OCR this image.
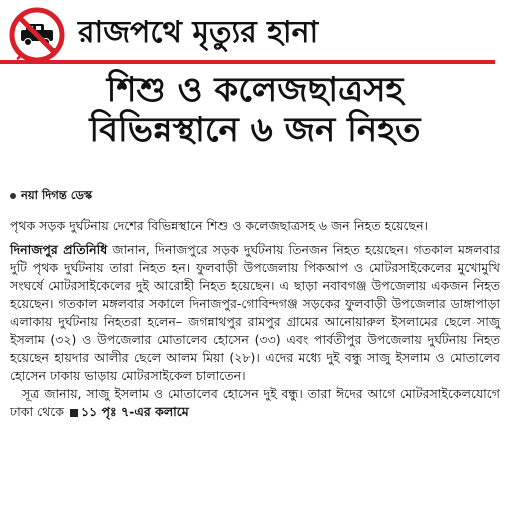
রাজপথে মৃত্যুর হানা
শিশু ও কলেজছাত্রসহ
বিভিন্নস্থানে ৬ জন নিহত
নয়া দিগন্ত ডেস্ক

পৃথক সড়ক দুর্ঘটনায় দেশের বিভিন্নস্থানে শিশু ও কলেজছাত্রসহ ৬ জন নিহত হয়েছেন।

দিনাজপুর প্রতিনিধি জানান, দিনাজপুরে সড়ক দুর্ঘটনায় তিনজন নিহত হয়েছেন। গতকাল মঙ্গলবার দুটি পৃথক দুর্ঘটনায় তারা নিহত হন। ফুলবাড়ী উপজেলায় পিকআপ ও মোটরসাইকেলের মুখোমুখি সংঘর্ষে মোটরসাইকেলের দুই আরোহী নিহত হয়েছেন। এ ছাড়া নবাবগঞ্জ উপজেলায় একজন নিহত হয়েছেন। গতকাল মঙ্গলবার সকালে দিনাজপুর-গোবিন্দগঞ্জ সড়কের ফুলবাড়ী উপজেলার ডাঙ্গাপাড়া এলাকায় দুর্ঘটনায় নিহতরা হলেন– জগন্নাথপুর রামপুর গ্রামের আনোয়ারুল ইসলামের ছেলে সাজু ইসলাম (৩২) ও উপজেলার মোতালেব হোসেন (৩৩) এবং পার্বতীপুর উপজেলায় দুর্ঘটনায় নিহত হয়েছেন হায়দার আলীর ছেলে আলম মিয়া (২৮)। এদের মধ্যে দুই বন্ধু সাজু ইসলাম ও মোতালেব হোসেন ঢাকায় ভাড়ায় মোটরসাইকেল চালাতেন।

সূত্র জানায়, সাজু ইসলাম ও মোতালেব হোসেন দুই বন্ধু। তারা ঈদের আগে মোটরসাইকেলযোগে ঢাকা থেকে ১১ পৃঃ ৭-এর কলামে
